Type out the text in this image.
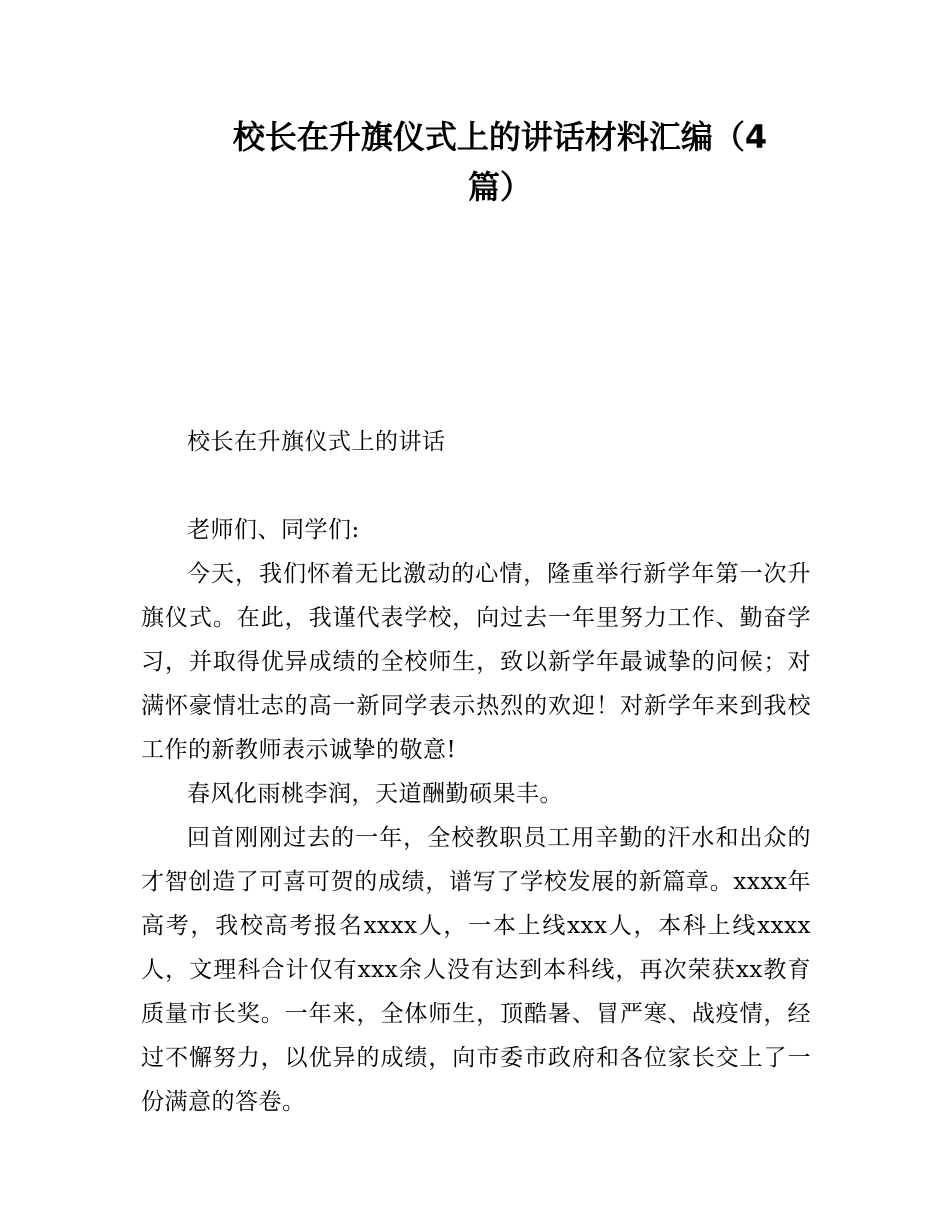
校长在升旗仪式上的讲话材料汇编（4
篇）

校长在升旗仪式上的讲话

老师们、同学们:

今天，我们怀着无比激动的心情，隆重举行新学年第一次升旗仪式。在此，我谨代表学校，向过去一年里努力工作、勤奋学习，并取得优异成绩的全校师生，致以新学年最诚挚的问候；对满怀豪情壮志的高一新同学表示热烈的欢迎！对新学年来到我校工作的新教师表示诚挚的敬意!

春风化雨桃李润，天道酬勤硕果丰。

回首刚刚过去的一年，全校教职员工用辛勤的汗水和出众的才智创造了可喜可贺的成绩，谱写了学校发展的新篇章。xxxx年高考，我校高考报名xxxx人，一本上线xxx人，本科上线xxxx人，文理科合计仅有xxx余人没有达到本科线，再次荣获xx教育质量市长奖。一年来，全体师生，顶酷暑、冒严寒、战疫情，经过不懈努力，以优异的成绩，向市委市政府和各位家长交上了一份满意的答卷。
